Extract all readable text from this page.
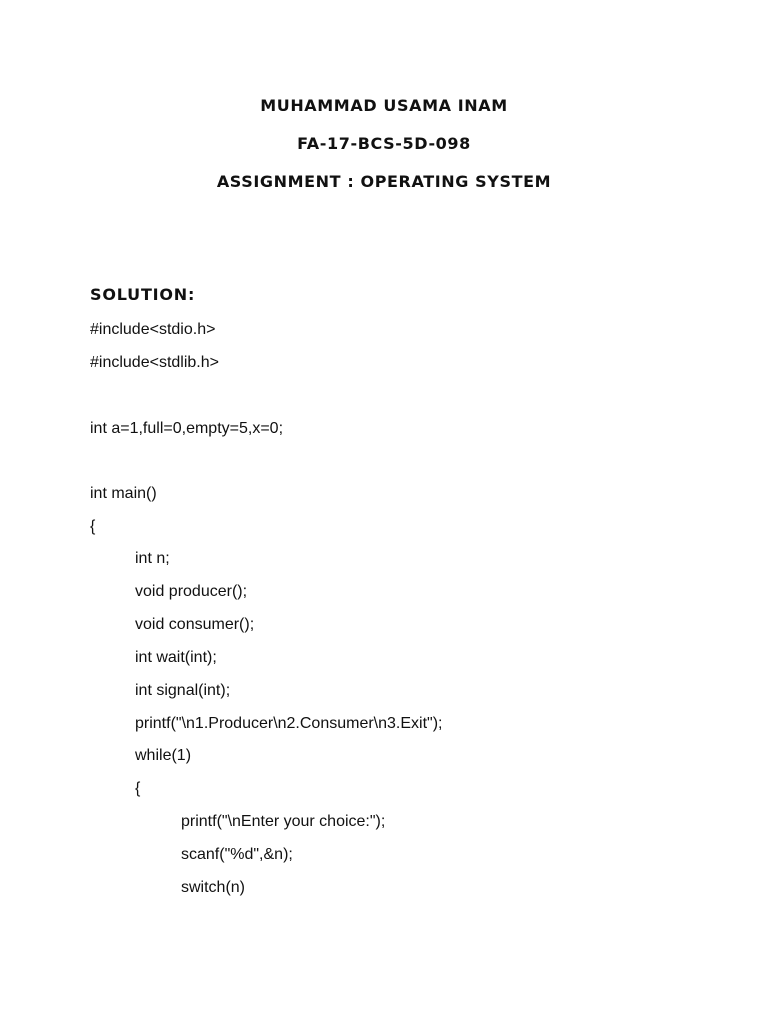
MUHAMMAD USAMA INAM
FA-17-BCS-5D-098
ASSIGNMENT : OPERATING SYSTEM
SOLUTION:
#include<stdio.h>
#include<stdlib.h>
int a=1,full=0,empty=5,x=0;
int main()
{
int n;
void producer();
void consumer();
int wait(int);
int signal(int);
printf("\n1.Producer\n2.Consumer\n3.Exit");
while(1)
{
printf("\nEnter your choice:");
scanf("%d",&n);
switch(n)
